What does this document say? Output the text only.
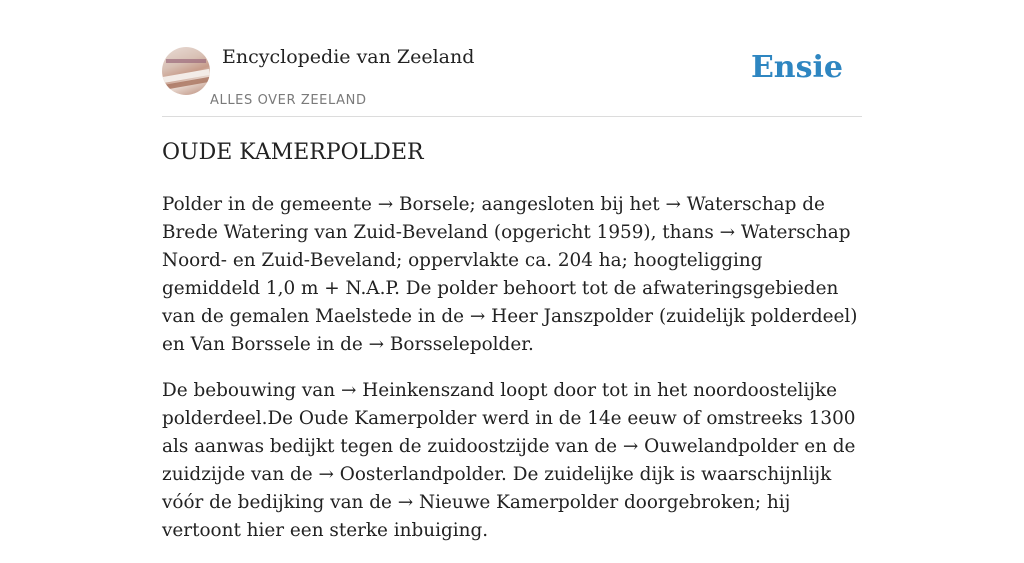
Encyclopedie van Zeeland
ALLES OVER ZEELAND
Ensie
OUDE KAMERPOLDER

Polder in de gemeente → Borsele; aangesloten bij het → Waterschap de Brede Watering van Zuid-Beveland (opgericht 1959), thans → Waterschap Noord- en Zuid-Beveland; oppervlakte ca. 204 ha; hoogteligging gemiddeld 1,0 m + N.A.P. De polder behoort tot de afwateringsgebieden van de gemalen Maelstede in de → Heer Janszpolder (zuidelijk polderdeel) en Van Borssele in de → Borsselepolder.

De bebouwing van → Heinkenszand loopt door tot in het noordoostelijke polderdeel.De Oude Kamerpolder werd in de 14e eeuw of omstreeks 1300 als aanwas bedijkt tegen de zuidoostzijde van de → Ouwelandpolder en de zuidzijde van de → Oosterlandpolder. De zuidelijke dijk is waarschijnlijk vóór de bedijking van de → Nieuwe Kamerpolder doorgebroken; hij vertoont hier een sterke inbuiging.
